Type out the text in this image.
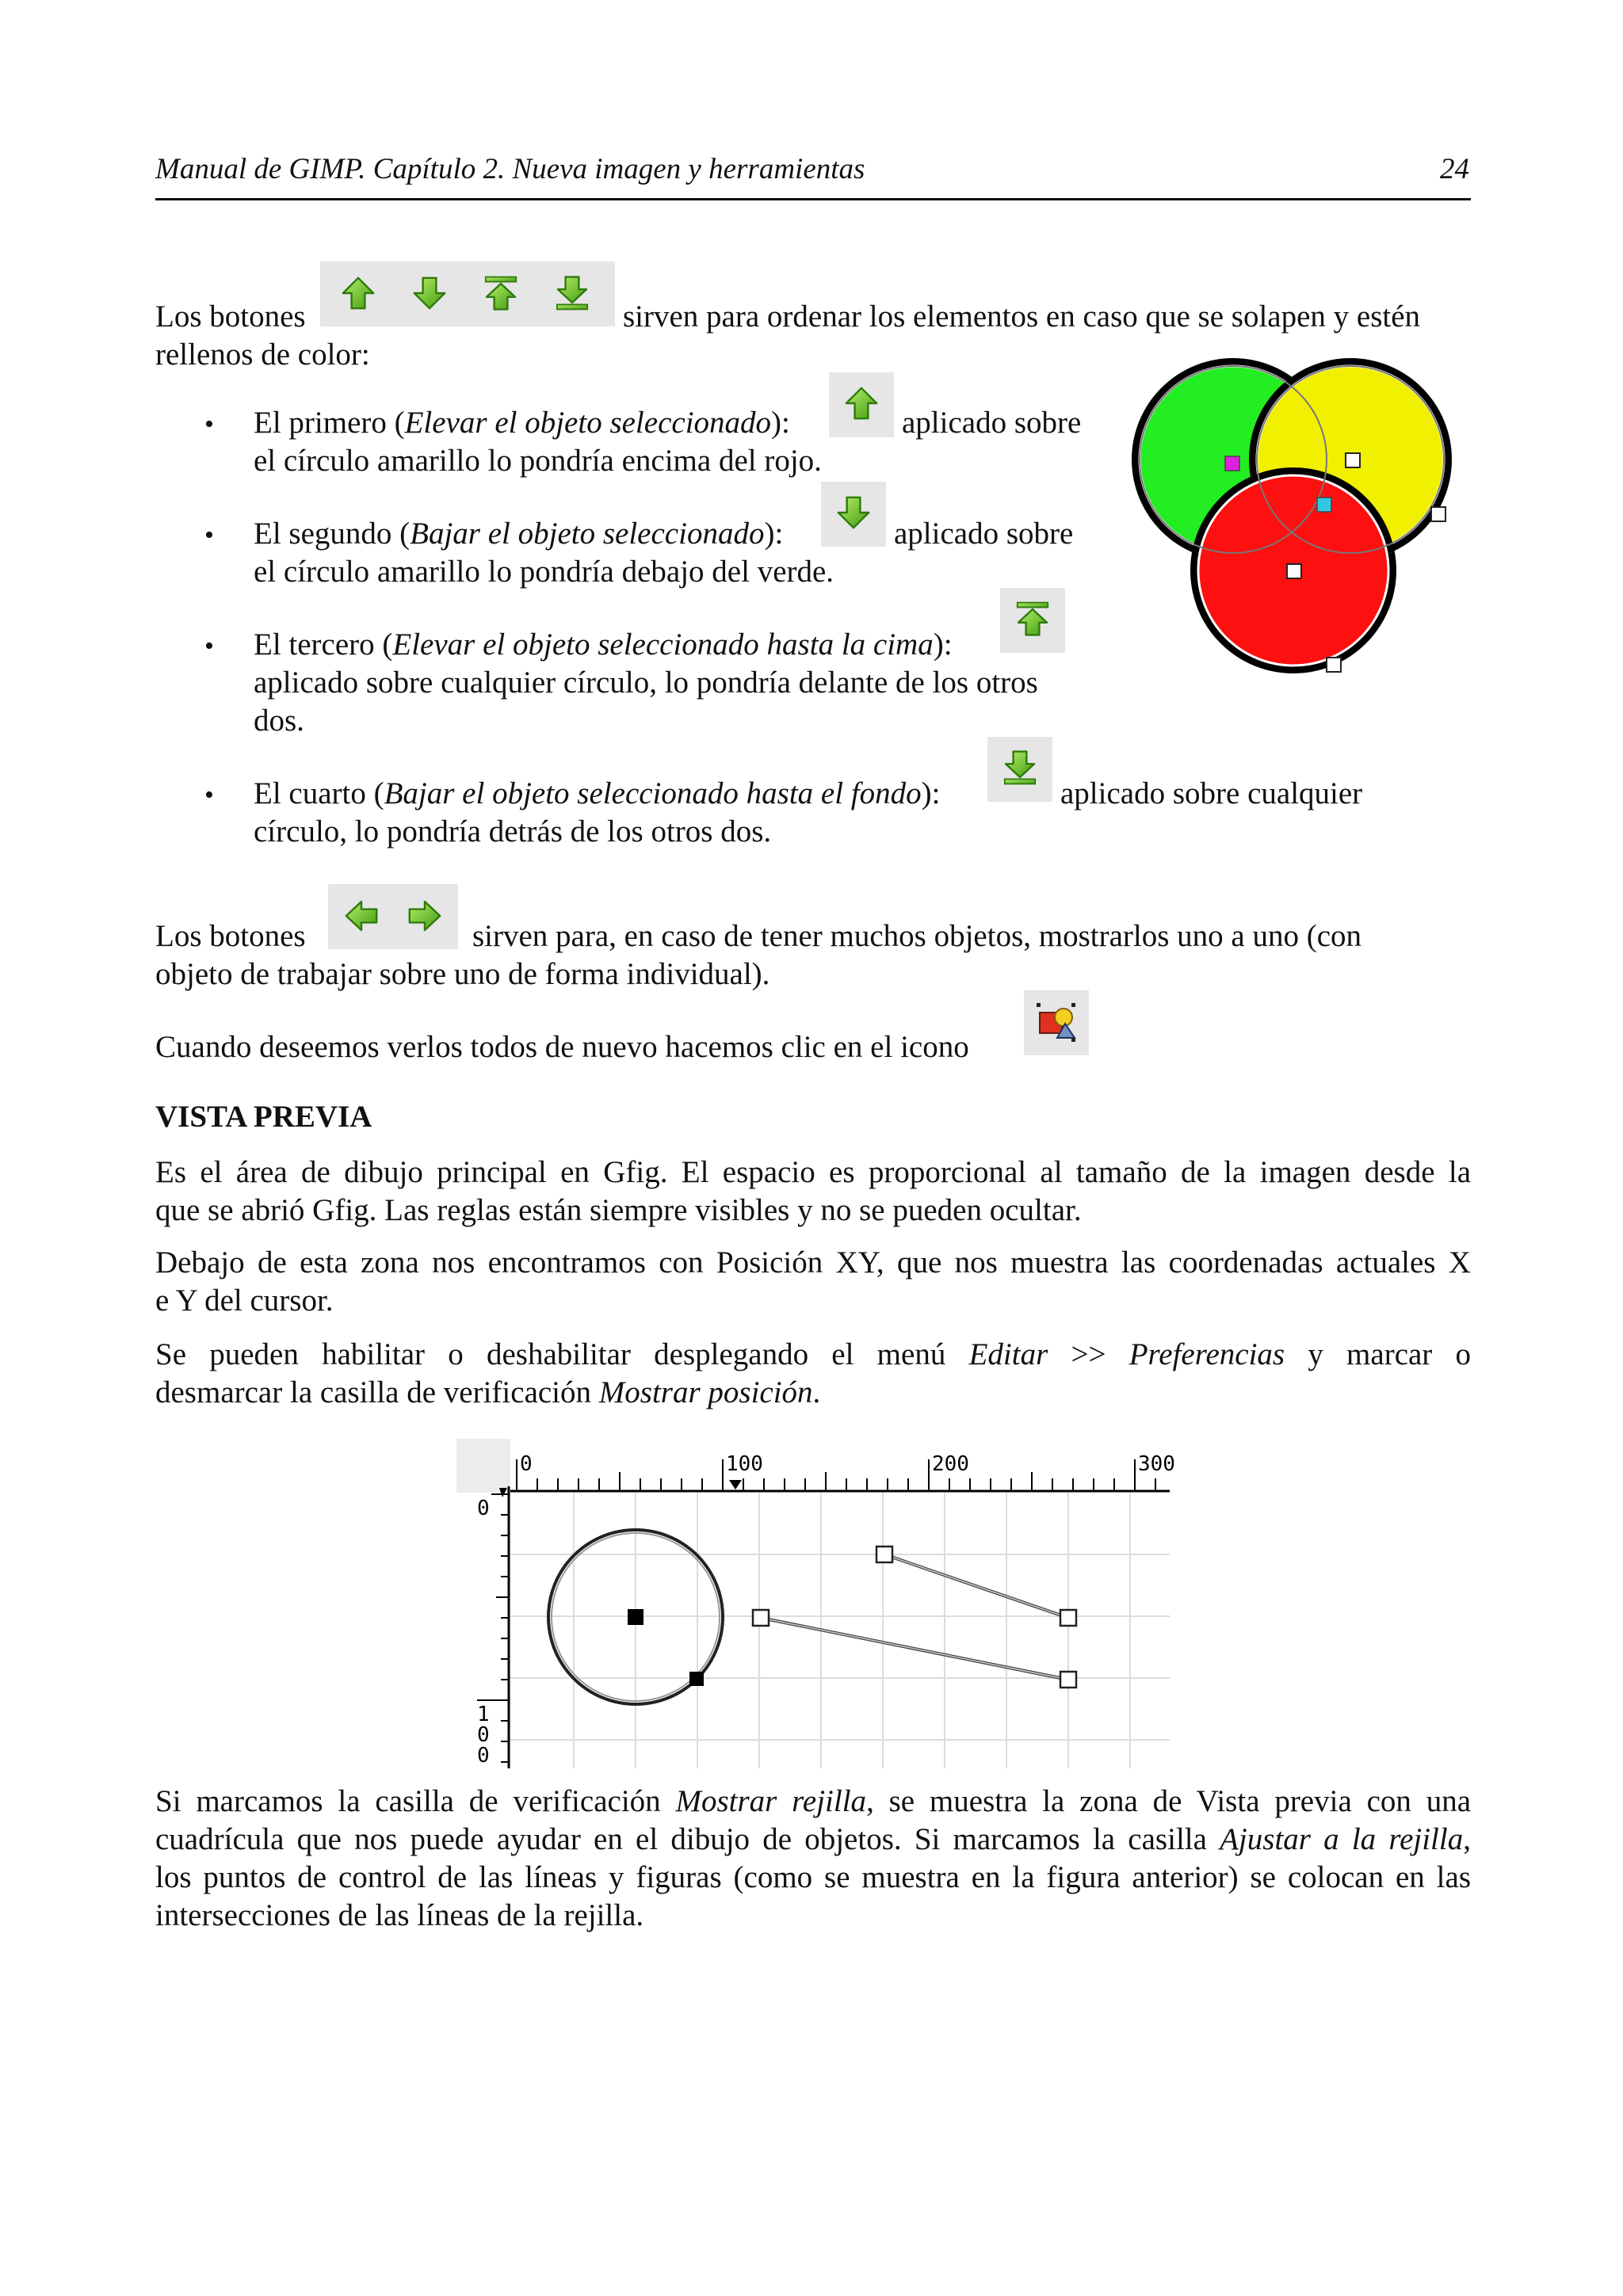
Manual de GIMP. Capítulo 2. Nueva imagen y herramientas	24
Los botones	sirven para ordenar los elementos en caso que se solapen y estén
rellenos de color:
• El primero (Elevar el objeto seleccionado):	aplicado sobre
el círculo amarillo lo pondría encima del rojo.
• El segundo (Bajar el objeto seleccionado):	aplicado sobre
el círculo amarillo lo pondría debajo del verde.
• El tercero (Elevar el objeto seleccionado hasta la cima):
aplicado sobre cualquier círculo, lo pondría delante de los otros
dos.
• El cuarto (Bajar el objeto seleccionado hasta el fondo):	aplicado sobre cualquier
círculo, lo pondría detrás de los otros dos.
Los botones	sirven para, en caso de tener muchos objetos, mostrarlos uno a uno (con
objeto de trabajar sobre uno de forma individual).
Cuando deseemos verlos todos de nuevo hacemos clic en el icono
VISTA PREVIA
Es el área de dibujo principal en Gfig. El espacio es proporcional al tamaño de la imagen desde la
que se abrió Gfig. Las reglas están siempre visibles y no se pueden ocultar.
Debajo de esta zona nos encontramos con Posición XY, que nos muestra las coordenadas actuales X
e Y del cursor.
Se pueden habilitar o deshabilitar desplegando el menú Editar >> Preferencias y marcar o
desmarcar la casilla de verificación Mostrar posición.
0	100	200	300
0
1
0
0
Si marcamos la casilla de verificación Mostrar rejilla, se muestra la zona de Vista previa con una
cuadrícula que nos puede ayudar en el dibujo de objetos. Si marcamos la casilla Ajustar a la rejilla,
los puntos de control de las líneas y figuras (como se muestra en la figura anterior) se colocan en las
intersecciones de las líneas de la rejilla.
